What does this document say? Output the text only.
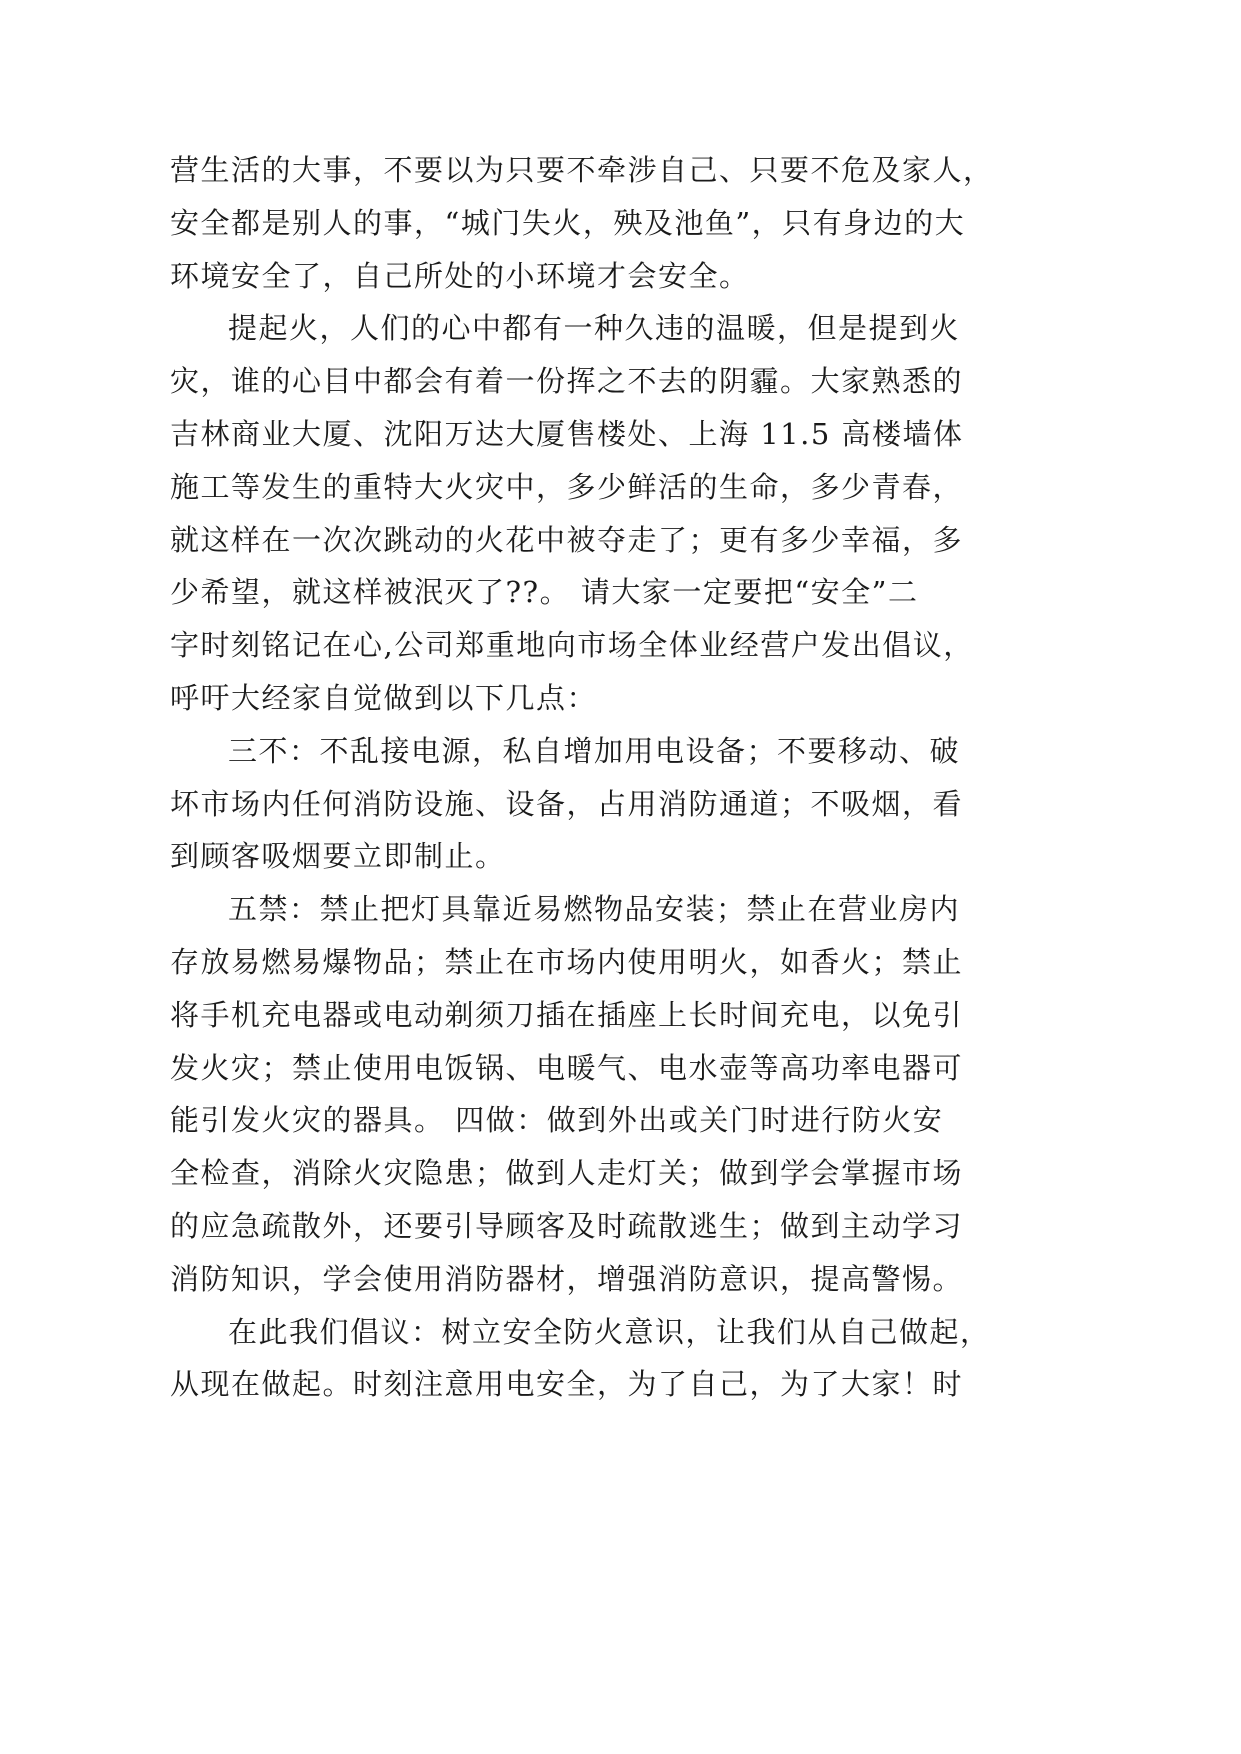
营生活的大事，不要以为只要不牵涉自己、只要不危及家人，
安全都是别人的事，“城门失火，殃及池鱼”，只有身边的大
环境安全了，自己所处的小环境才会安全。
提起火，人们的心中都有一种久违的温暖，但是提到火
灾，谁的心目中都会有着一份挥之不去的阴霾。大家熟悉的
吉林商业大厦、沈阳万达大厦售楼处、上海 11.5 高楼墙体
施工等发生的重特大火灾中，多少鲜活的生命，多少青春，
就这样在一次次跳动的火花中被夺走了；更有多少幸福，多
少希望，就这样被泯灭了??。 请大家一定要把“安全”二
字时刻铭记在心,公司郑重地向市场全体业经营户发出倡议，
呼吁大经家自觉做到以下几点：
三不：不乱接电源，私自增加用电设备；不要移动、破
坏市场内任何消防设施、设备，占用消防通道；不吸烟，看
到顾客吸烟要立即制止。
五禁：禁止把灯具靠近易燃物品安装；禁止在营业房内
存放易燃易爆物品；禁止在市场内使用明火，如香火；禁止
将手机充电器或电动剃须刀插在插座上长时间充电，以免引
发火灾；禁止使用电饭锅、电暖气、电水壶等高功率电器可
能引发火灾的器具。 四做：做到外出或关门时进行防火安
全检查，消除火灾隐患；做到人走灯关；做到学会掌握市场
的应急疏散外，还要引导顾客及时疏散逃生；做到主动学习
消防知识，学会使用消防器材，增强消防意识，提高警惕。
在此我们倡议：树立安全防火意识，让我们从自己做起，
从现在做起。时刻注意用电安全，为了自己，为了大家！时
